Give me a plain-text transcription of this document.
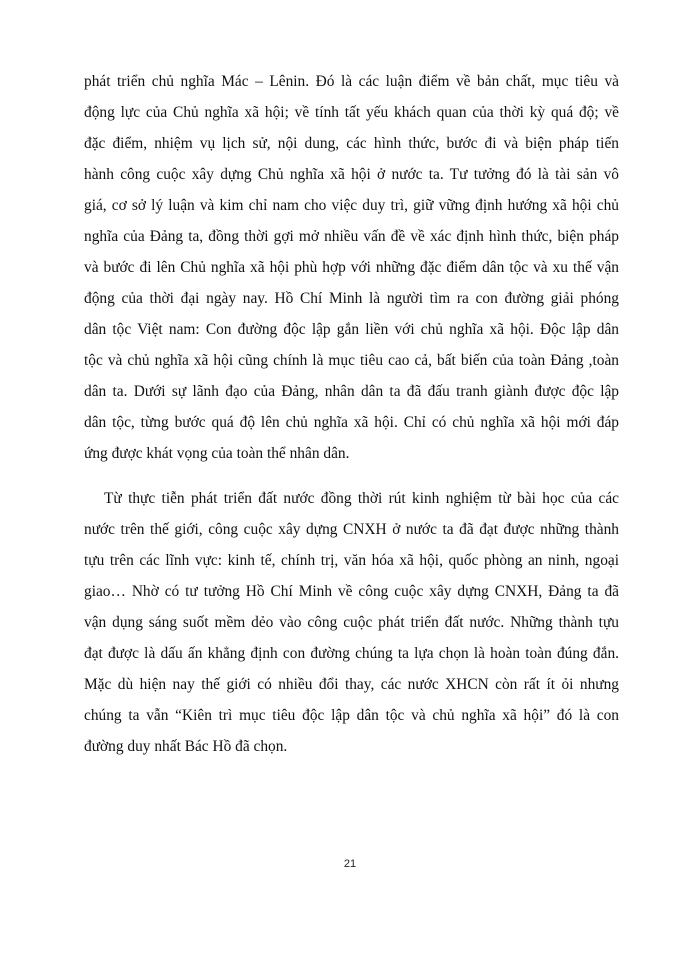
phát triển chủ nghĩa Mác – Lênin. Đó là các luận điểm về bản chất, mục tiêu và
động lực của Chủ nghĩa xã hội; về tính tất yếu khách quan của thời kỳ quá độ; về
đặc điểm, nhiệm vụ lịch sử, nội dung, các hình thức, bước đi và biện pháp tiến
hành công cuộc xây dựng Chủ nghĩa xã hội ở nước ta. Tư tưởng đó là tài sản vô
giá, cơ sở lý luận và kim chỉ nam cho việc duy trì, giữ vững định hướng xã hội chủ
nghĩa của Đảng ta, đồng thời gợi mở nhiều vấn đề về xác định hình thức, biện pháp
và bước đi lên Chủ nghĩa xã hội phù hợp với những đặc điểm dân tộc và xu thế vận
động của thời đại ngày nay. Hồ Chí Minh là người tìm ra con đường giải phóng
dân tộc Việt nam: Con đường độc lập gắn liền với chủ nghĩa xã hội. Độc lập dân
tộc và chủ nghĩa xã hội cũng chính là mục tiêu cao cả, bất biến của toàn Đảng ,toàn
dân ta. Dưới sự lãnh đạo của Đảng, nhân dân ta đã đấu tranh giành được độc lập
dân tộc, từng bước quá độ lên chủ nghĩa xã hội. Chỉ có chủ nghĩa xã hội mới đáp
ứng được khát vọng của toàn thể nhân dân.
Từ thực tiễn phát triển đất nước đồng thời rút kinh nghiệm từ bài học của các
nước trên thế giới, công cuộc xây dựng CNXH ở nước ta đã đạt được những thành
tựu trên các lĩnh vực: kinh tế, chính trị, văn hóa xã hội, quốc phòng an ninh, ngoại
giao… Nhờ có tư tưởng Hồ Chí Minh về công cuộc xây dựng CNXH, Đảng ta đã
vận dụng sáng suốt mềm dẻo vào công cuộc phát triển đất nước. Những thành tựu
đạt được là dấu ấn khẳng định con đường chúng ta lựa chọn là hoàn toàn đúng đắn.
Mặc dù hiện nay thế giới có nhiều đổi thay, các nước XHCN còn rất ít ỏi nhưng
chúng ta vẫn “Kiên trì mục tiêu độc lập dân tộc và chủ nghĩa xã hội” đó là con
đường duy nhất Bác Hồ đã chọn.
21
